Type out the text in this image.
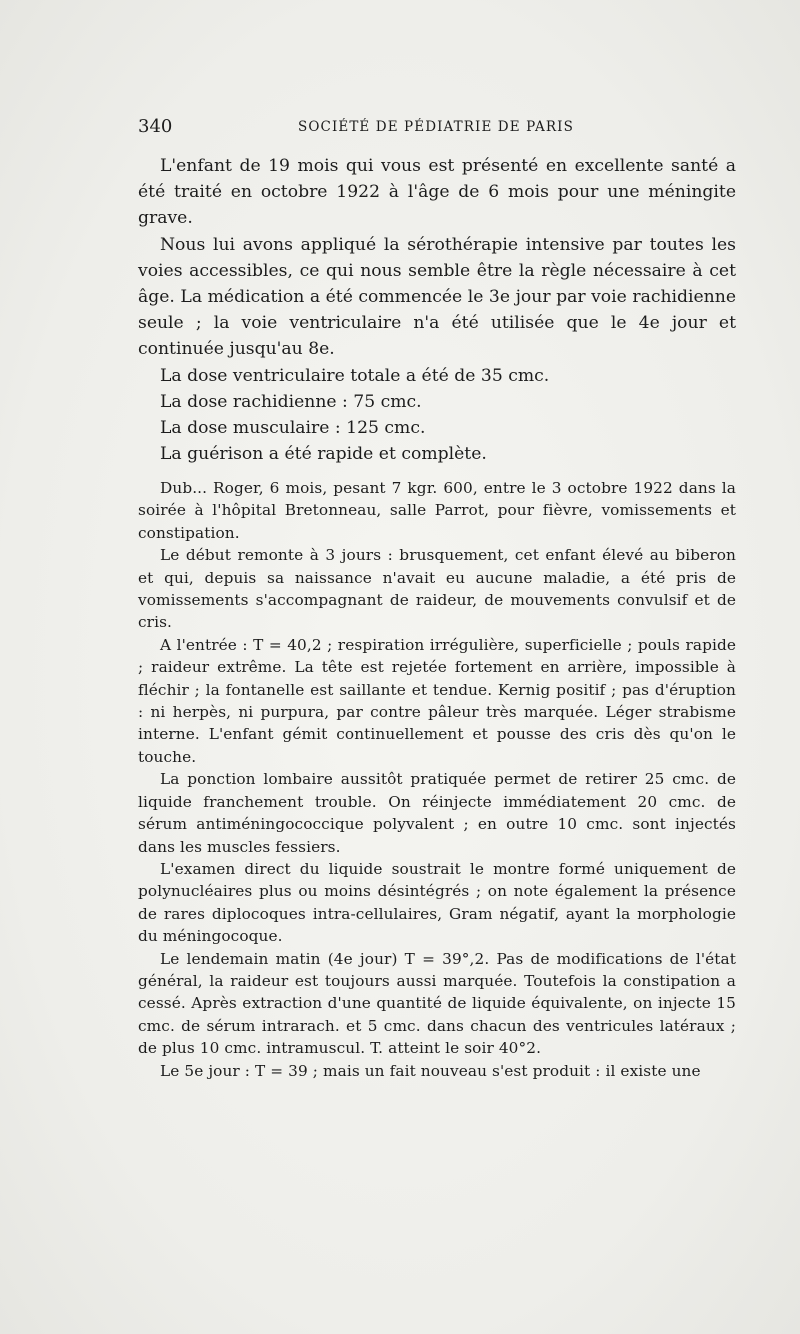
340	SOCIÉTÉ DE PÉDIATRIE DE PARIS

L'enfant de 19 mois qui vous est présenté en excellente santé a été traité en octobre 1922 à l'âge de 6 mois pour une méningite grave.

Nous lui avons appliqué la sérothérapie intensive par toutes les voies accessibles, ce qui nous semble être la règle nécessaire à cet âge. La médication a été commencée le 3e jour par voie rachidienne seule ; la voie ventriculaire n'a été utilisée que le 4e jour et continuée jusqu'au 8e.

La dose ventriculaire totale a été de 35 cmc.

La dose rachidienne : 75 cmc.

La dose musculaire : 125 cmc.

La guérison a été rapide et complète.

Dub... Roger, 6 mois, pesant 7 kgr. 600, entre le 3 octobre 1922 dans la soirée à l'hôpital Bretonneau, salle Parrot, pour fièvre, vomissements et constipation.

Le début remonte à 3 jours : brusquement, cet enfant élevé au biberon et qui, depuis sa naissance n'avait eu aucune maladie, a été pris de vomissements s'accompagnant de raideur, de mouvements convulsif et de cris.

A l'entrée : T = 40,2 ; respiration irrégulière, superficielle ; pouls rapide ; raideur extrême. La tête est rejetée fortement en arrière, impossible à fléchir ; la fontanelle est saillante et tendue. Kernig positif ; pas d'éruption : ni herpès, ni purpura, par contre pâleur très marquée. Léger strabisme interne. L'enfant gémit continuellement et pousse des cris dès qu'on le touche.

La ponction lombaire aussitôt pratiquée permet de retirer 25 cmc. de liquide franchement trouble. On réinjecte immédiatement 20 cmc. de sérum antiméningococcique polyvalent ; en outre 10 cmc. sont injectés dans les muscles fessiers.

L'examen direct du liquide soustrait le montre formé uniquement de polynucléaires plus ou moins désintégrés ; on note également la présence de rares diplocoques intra-cellulaires, Gram négatif, ayant la morphologie du méningocoque.

Le lendemain matin (4e jour) T = 39°,2. Pas de modifications de l'état général, la raideur est toujours aussi marquée. Toutefois la constipation a cessé. Après extraction d'une quantité de liquide équivalente, on injecte 15 cmc. de sérum intrarach. et 5 cmc. dans chacun des ventricules latéraux ; de plus 10 cmc. intramuscul. T. atteint le soir 40°2.

Le 5e jour : T = 39 ; mais un fait nouveau s'est produit : il existe une
